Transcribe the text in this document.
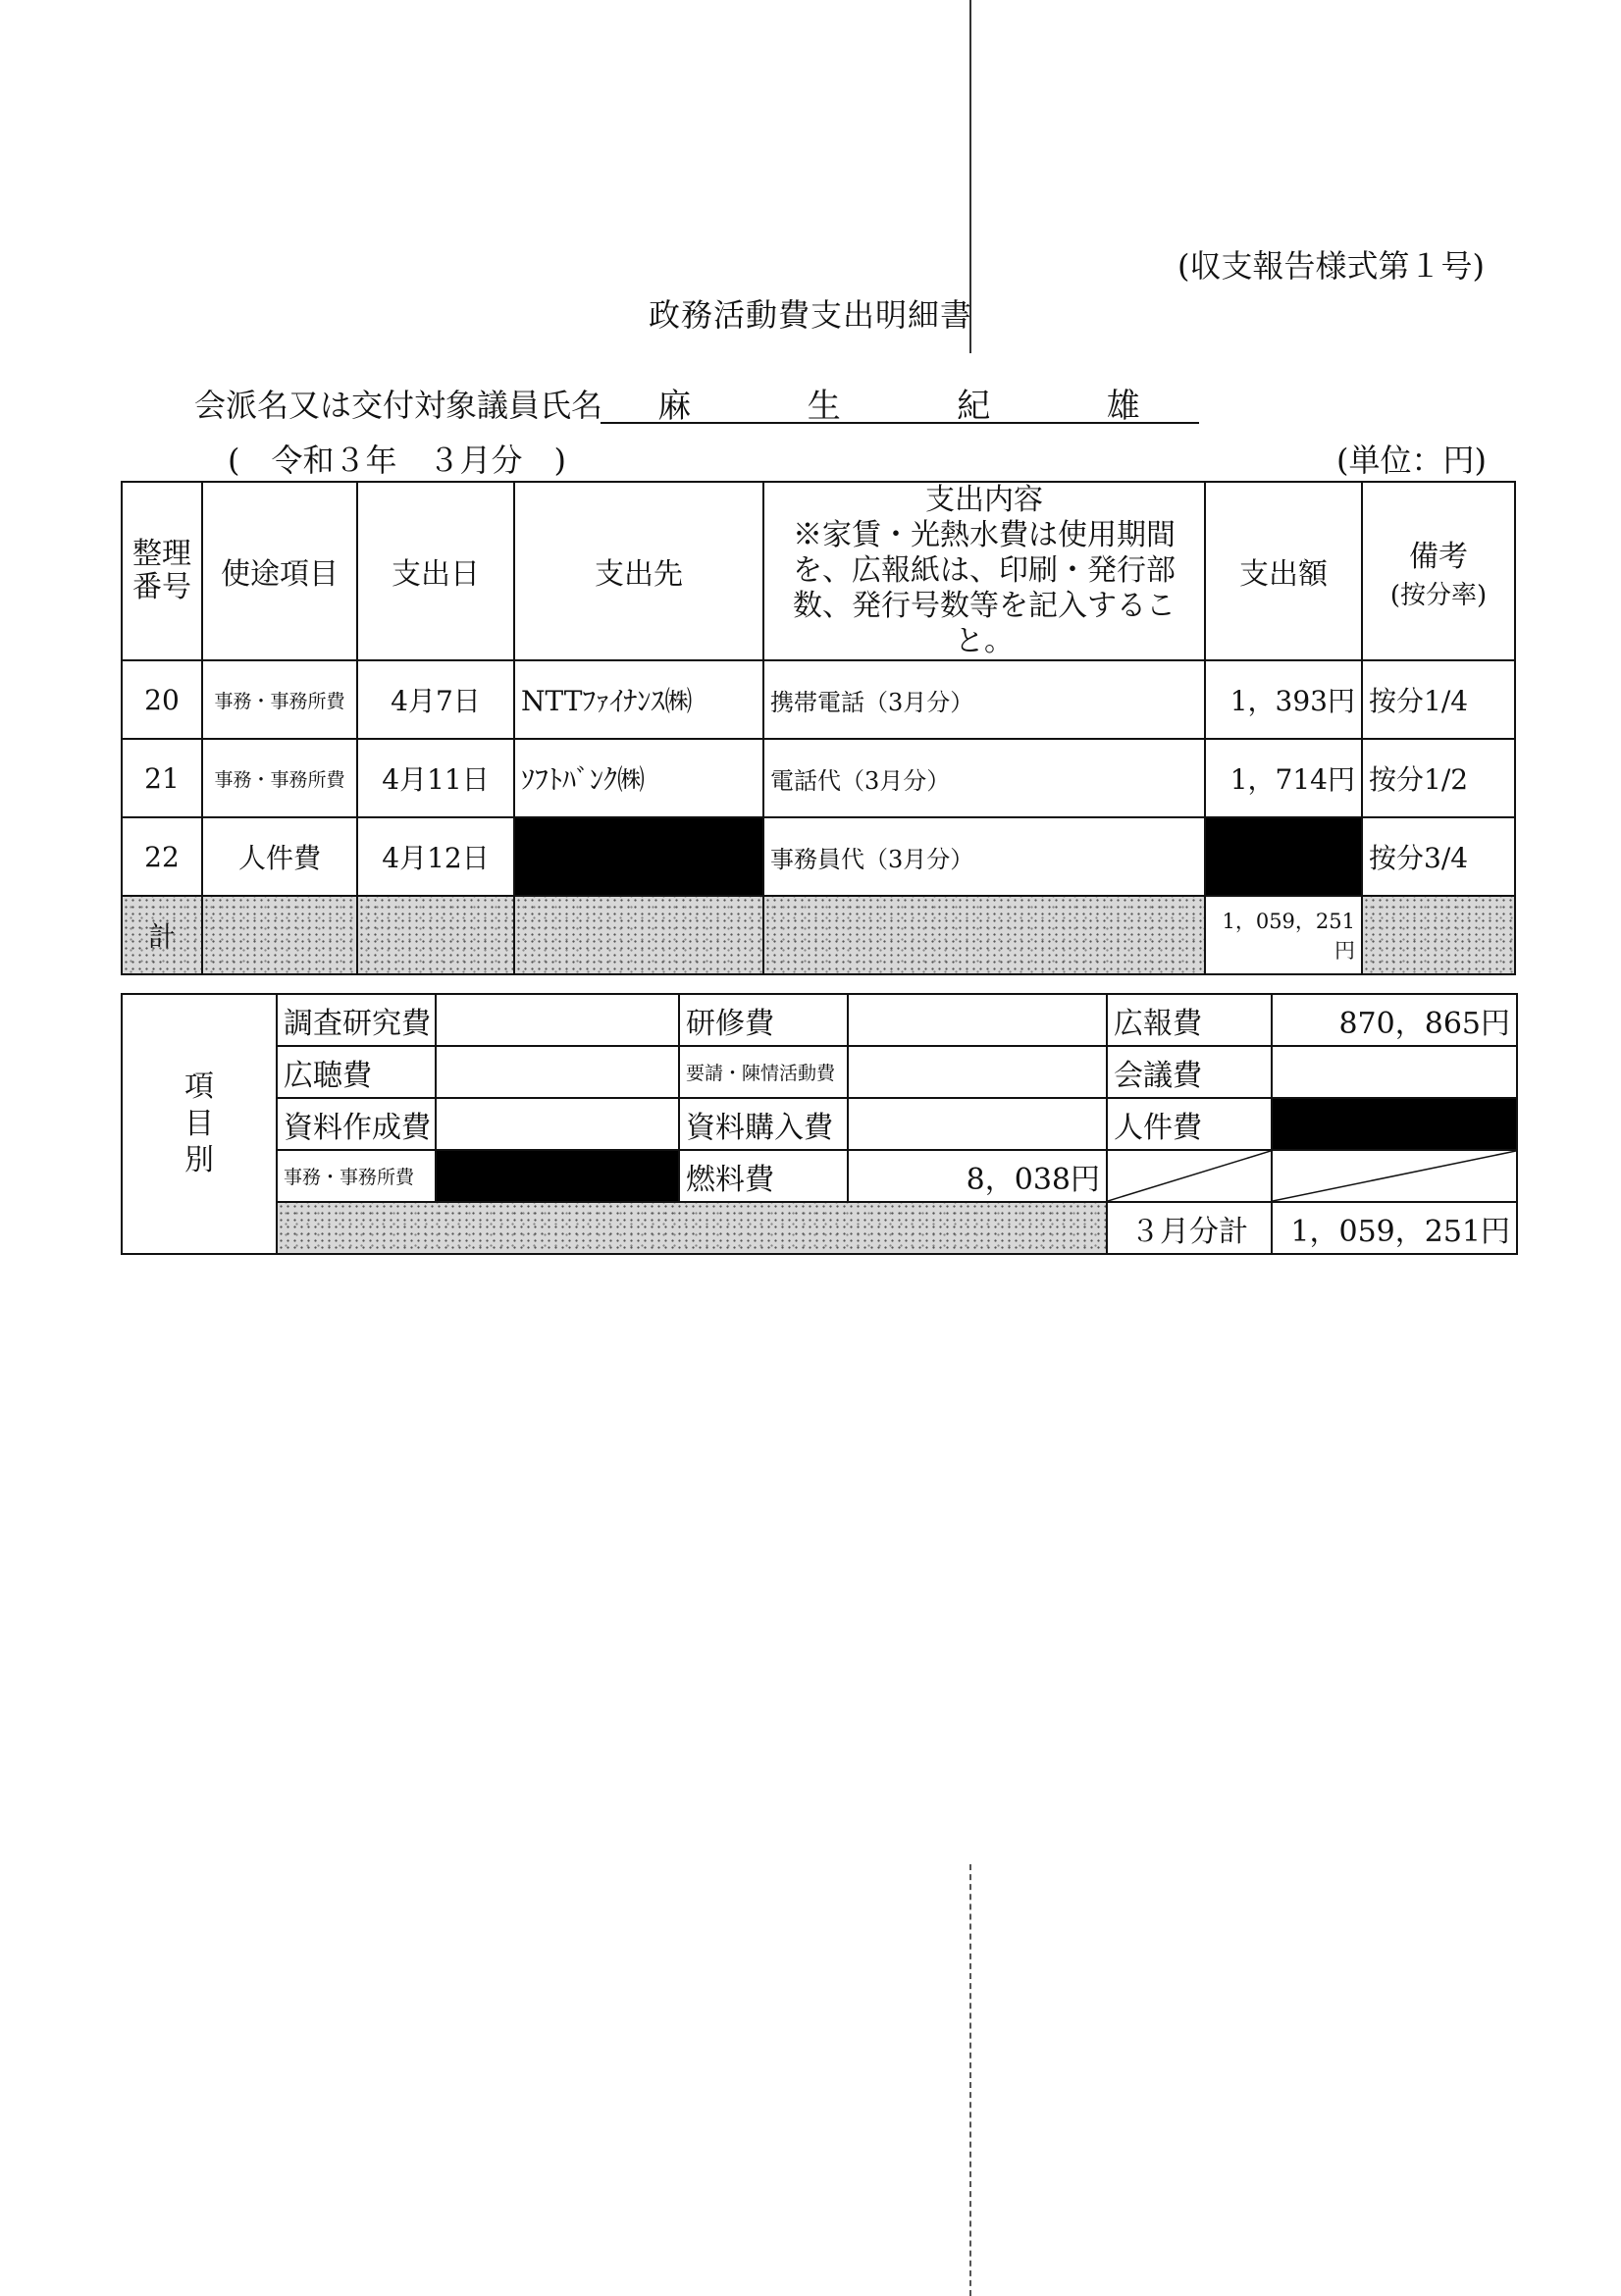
(収支報告様式第１号)
政務活動費支出明細書
会派名又は交付対象議員氏名 麻	生	紀	雄
(　令和３年　３月分　)	(単位：円)
整理番号	使途項目	支出日	支出先	支出内容
※家賃・光熱水費は使用期間を、広報紙は、印刷・発行部数、発行号数等を記入すること。	支出額	備考
(按分率)

20	事務・事務所費	4月7日	NTTﾌｧｲﾅﾝｽ㈱	携帯電話（3月分）	1，393円	按分1/4
21	事務・事務所費	4月11日	ｿﾌﾄﾊﾞﾝｸ㈱	電話代（3月分）	1，714円	按分1/2
22	人件費	4月12日		事務員代（3月分）		按分3/4
計					1，059，251円	
項
目
別	調査研究費		研修費		広報費	870，865円
	広聴費		要請・陳情活動費		会議費	
	資料作成費		資料購入費		人件費	
	事務・事務所費		燃料費	8，038円	

					３月分計	1，059，251円
